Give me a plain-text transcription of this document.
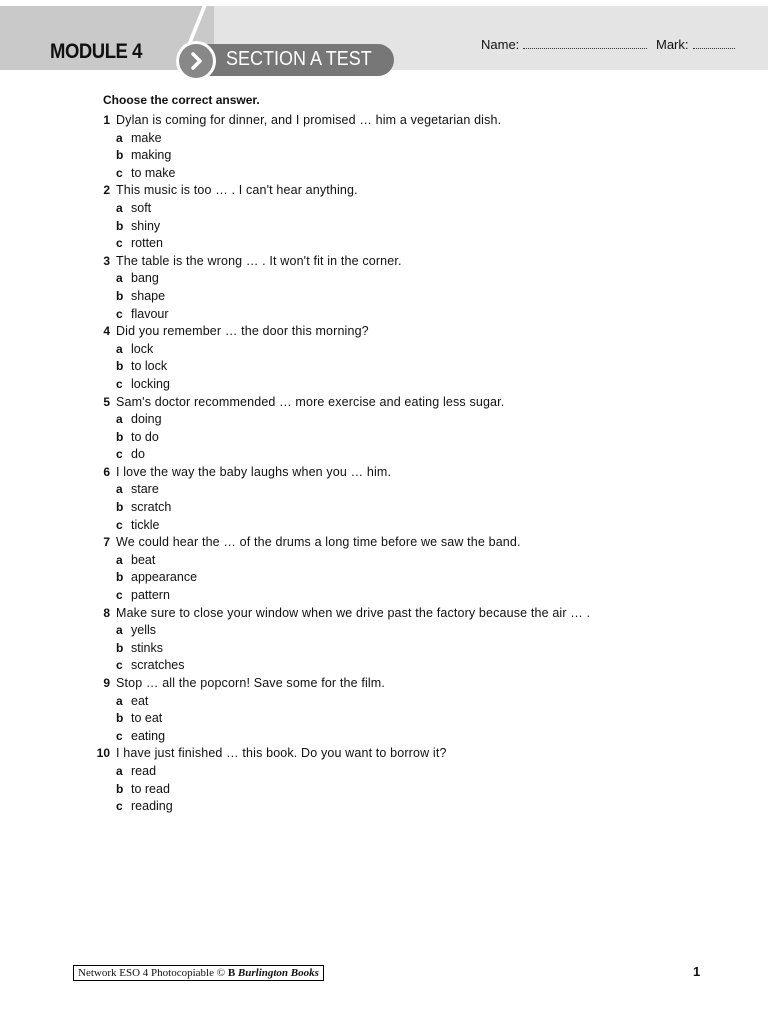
MODULE 4	SECTION A TEST
Name:	Mark:
Choose the correct answer.
1 Dylan is coming for dinner, and I promised … him a vegetarian dish.
a make
b making
c to make
2 This music is too … . I can't hear anything.
a soft
b shiny
c rotten
3 The table is the wrong … . It won't fit in the corner.
a bang
b shape
c flavour
4 Did you remember … the door this morning?
a lock
b to lock
c locking
5 Sam's doctor recommended … more exercise and eating less sugar.
a doing
b to do
c do
6 I love the way the baby laughs when you … him.
a stare
b scratch
c tickle
7 We could hear the … of the drums a long time before we saw the band.
a beat
b appearance
c pattern
8 Make sure to close your window when we drive past the factory because the air … .
a yells
b stinks
c scratches
9 Stop … all the popcorn! Save some for the film.
a eat
b to eat
c eating
10 I have just finished … this book. Do you want to borrow it?
a read
b to read
c reading
Network ESO 4 Photocopiable © B Burlington Books	1
